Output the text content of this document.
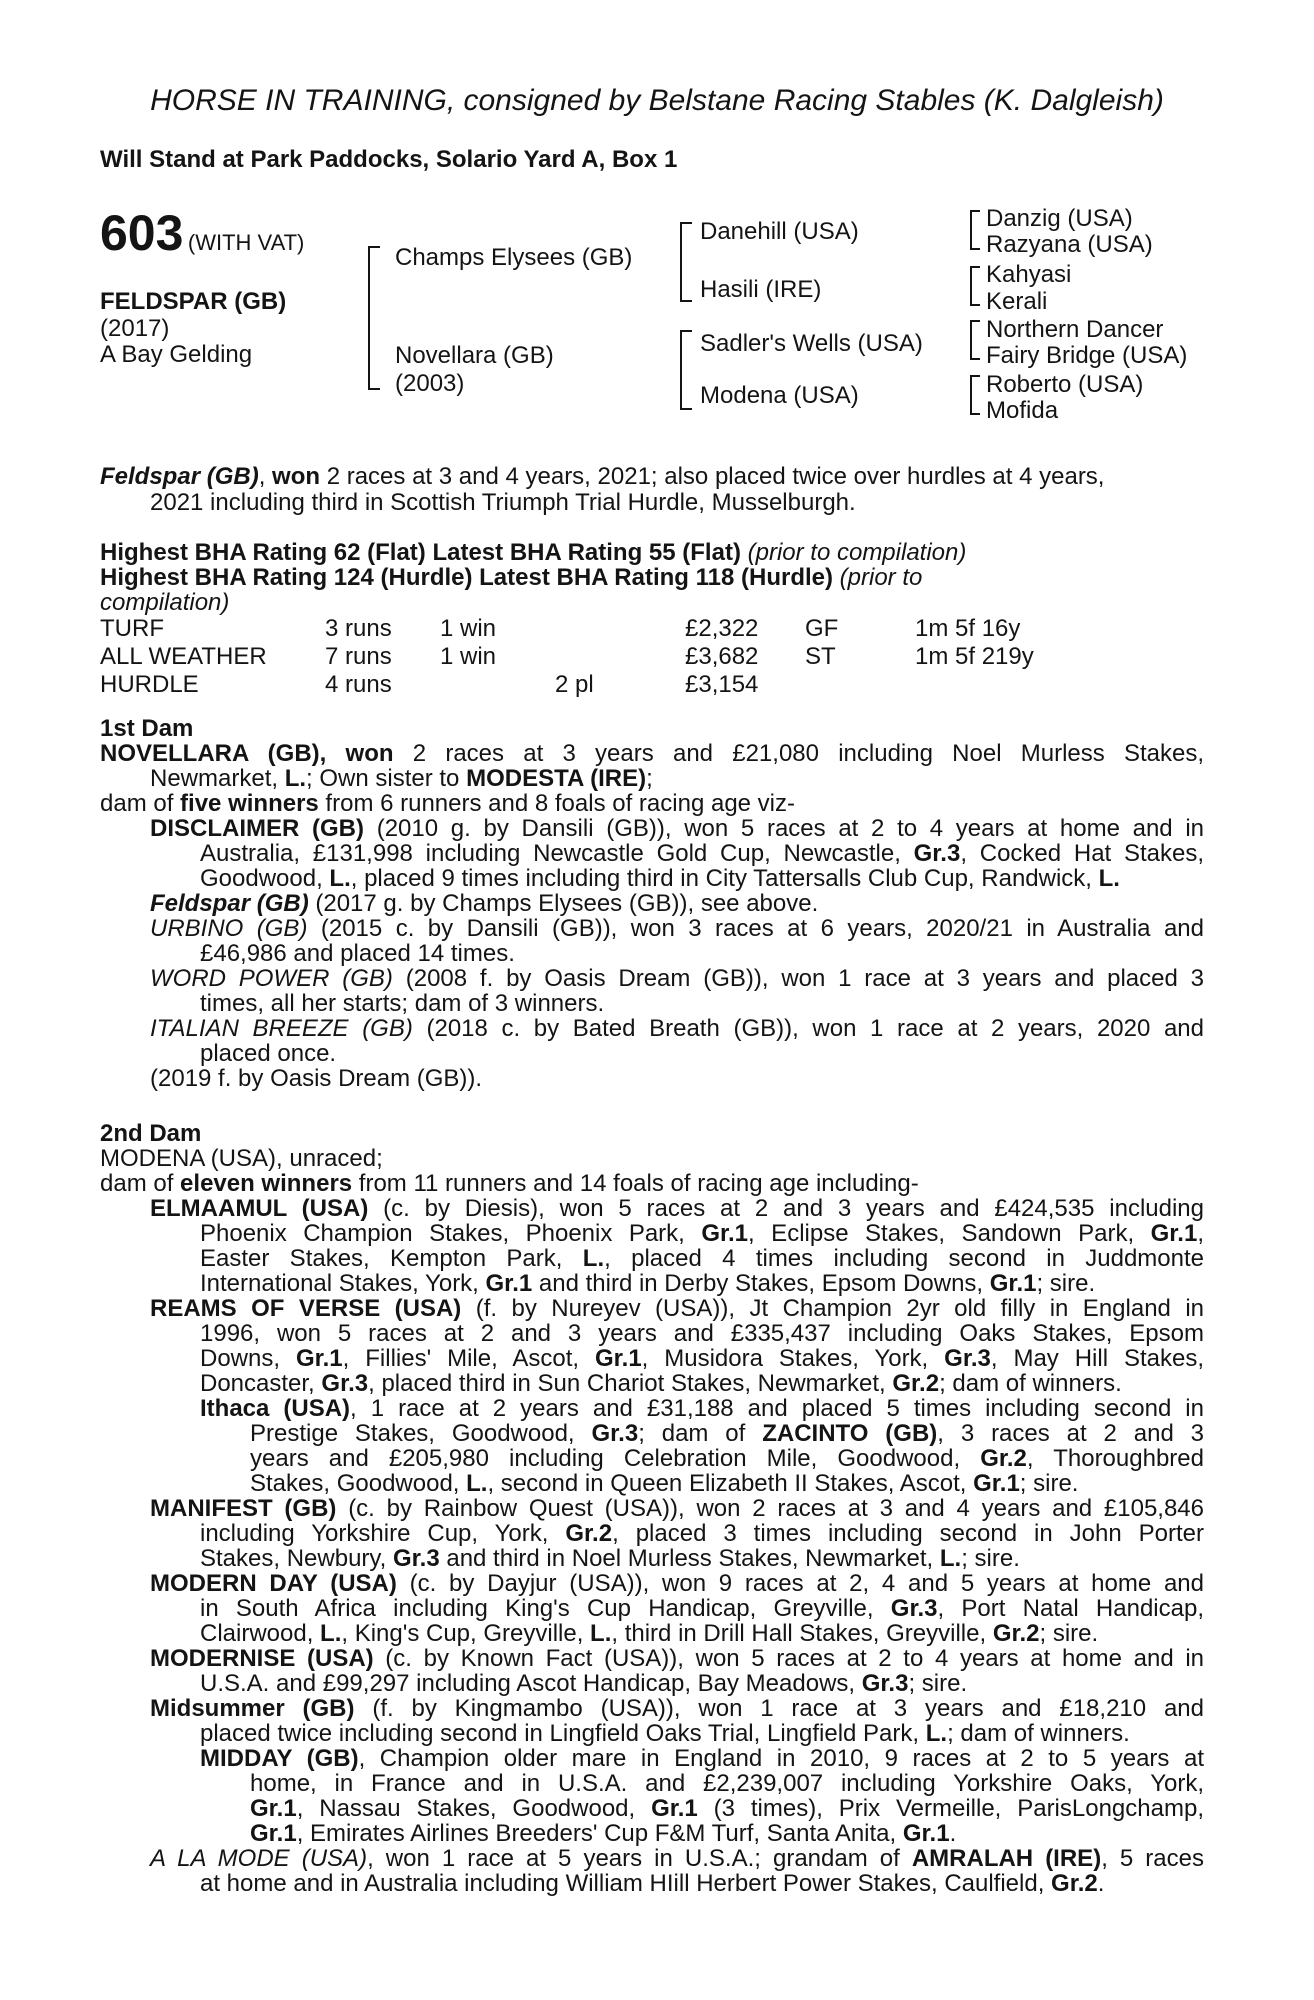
HORSE IN TRAINING, consigned by Belstane Racing Stables (K. Dalgleish)
Will Stand at Park Paddocks, Solario Yard A, Box 1
603 (WITH VAT)
FELDSPAR (GB)
(2017)
A Bay Gelding
Champs Elysees (GB)
Novellara (GB)
(2003)
Danehill (USA)
Hasili (IRE)
Sadler's Wells (USA)
Modena (USA)
Danzig (USA)
Razyana (USA)
Kahyasi
Kerali
Northern Dancer
Fairy Bridge (USA)
Roberto (USA)
Mofida
Feldspar (GB), won 2 races at 3 and 4 years, 2021; also placed twice over hurdles at 4 years,
2021 including third in Scottish Triumph Trial Hurdle, Musselburgh.
Highest BHA Rating 62 (Flat) Latest BHA Rating 55 (Flat) (prior to compilation)
Highest BHA Rating 124 (Hurdle) Latest BHA Rating 118 (Hurdle) (prior to
compilation)
TURF	3 runs	1 win		£2,322	GF	1m 5f 16y
ALL WEATHER	7 runs	1 win		£3,682	ST	1m 5f 219y
HURDLE	4 runs		2 pl	£3,154		
1st Dam
NOVELLARA (GB), won 2 races at 3 years and £21,080 including Noel Murless Stakes,
Newmarket, L.; Own sister to MODESTA (IRE);
dam of five winners from 6 runners and 8 foals of racing age viz-
DISCLAIMER (GB) (2010 g. by Dansili (GB)), won 5 races at 2 to 4 years at home and in
Australia, £131,998 including Newcastle Gold Cup, Newcastle, Gr.3, Cocked Hat Stakes,
Goodwood, L., placed 9 times including third in City Tattersalls Club Cup, Randwick, L.
Feldspar (GB) (2017 g. by Champs Elysees (GB)), see above.
URBINO (GB) (2015 c. by Dansili (GB)), won 3 races at 6 years, 2020/21 in Australia and
£46,986 and placed 14 times.
WORD POWER (GB) (2008 f. by Oasis Dream (GB)), won 1 race at 3 years and placed 3
times, all her starts; dam of 3 winners.
ITALIAN BREEZE (GB) (2018 c. by Bated Breath (GB)), won 1 race at 2 years, 2020 and
placed once.
(2019 f. by Oasis Dream (GB)).
2nd Dam
MODENA (USA), unraced;
dam of eleven winners from 11 runners and 14 foals of racing age including-
ELMAAMUL (USA) (c. by Diesis), won 5 races at 2 and 3 years and £424,535 including
Phoenix Champion Stakes, Phoenix Park, Gr.1, Eclipse Stakes, Sandown Park, Gr.1,
Easter Stakes, Kempton Park, L., placed 4 times including second in Juddmonte
International Stakes, York, Gr.1 and third in Derby Stakes, Epsom Downs, Gr.1; sire.
REAMS OF VERSE (USA) (f. by Nureyev (USA)), Jt Champion 2yr old filly in England in
1996, won 5 races at 2 and 3 years and £335,437 including Oaks Stakes, Epsom
Downs, Gr.1, Fillies' Mile, Ascot, Gr.1, Musidora Stakes, York, Gr.3, May Hill Stakes,
Doncaster, Gr.3, placed third in Sun Chariot Stakes, Newmarket, Gr.2; dam of winners.
Ithaca (USA), 1 race at 2 years and £31,188 and placed 5 times including second in
Prestige Stakes, Goodwood, Gr.3; dam of ZACINTO (GB), 3 races at 2 and 3
years and £205,980 including Celebration Mile, Goodwood, Gr.2, Thoroughbred
Stakes, Goodwood, L., second in Queen Elizabeth II Stakes, Ascot, Gr.1; sire.
MANIFEST (GB) (c. by Rainbow Quest (USA)), won 2 races at 3 and 4 years and £105,846
including Yorkshire Cup, York, Gr.2, placed 3 times including second in John Porter
Stakes, Newbury, Gr.3 and third in Noel Murless Stakes, Newmarket, L.; sire.
MODERN DAY (USA) (c. by Dayjur (USA)), won 9 races at 2, 4 and 5 years at home and
in South Africa including King's Cup Handicap, Greyville, Gr.3, Port Natal Handicap,
Clairwood, L., King's Cup, Greyville, L., third in Drill Hall Stakes, Greyville, Gr.2; sire.
MODERNISE (USA) (c. by Known Fact (USA)), won 5 races at 2 to 4 years at home and in
U.S.A. and £99,297 including Ascot Handicap, Bay Meadows, Gr.3; sire.
Midsummer (GB) (f. by Kingmambo (USA)), won 1 race at 3 years and £18,210 and
placed twice including second in Lingfield Oaks Trial, Lingfield Park, L.; dam of winners.
MIDDAY (GB), Champion older mare in England in 2010, 9 races at 2 to 5 years at
home, in France and in U.S.A. and £2,239,007 including Yorkshire Oaks, York,
Gr.1, Nassau Stakes, Goodwood, Gr.1 (3 times), Prix Vermeille, ParisLongchamp,
Gr.1, Emirates Airlines Breeders' Cup F&M Turf, Santa Anita, Gr.1.
A LA MODE (USA), won 1 race at 5 years in U.S.A.; grandam of AMRALAH (IRE), 5 races
at home and in Australia including William HIill Herbert Power Stakes, Caulfield, Gr.2.
